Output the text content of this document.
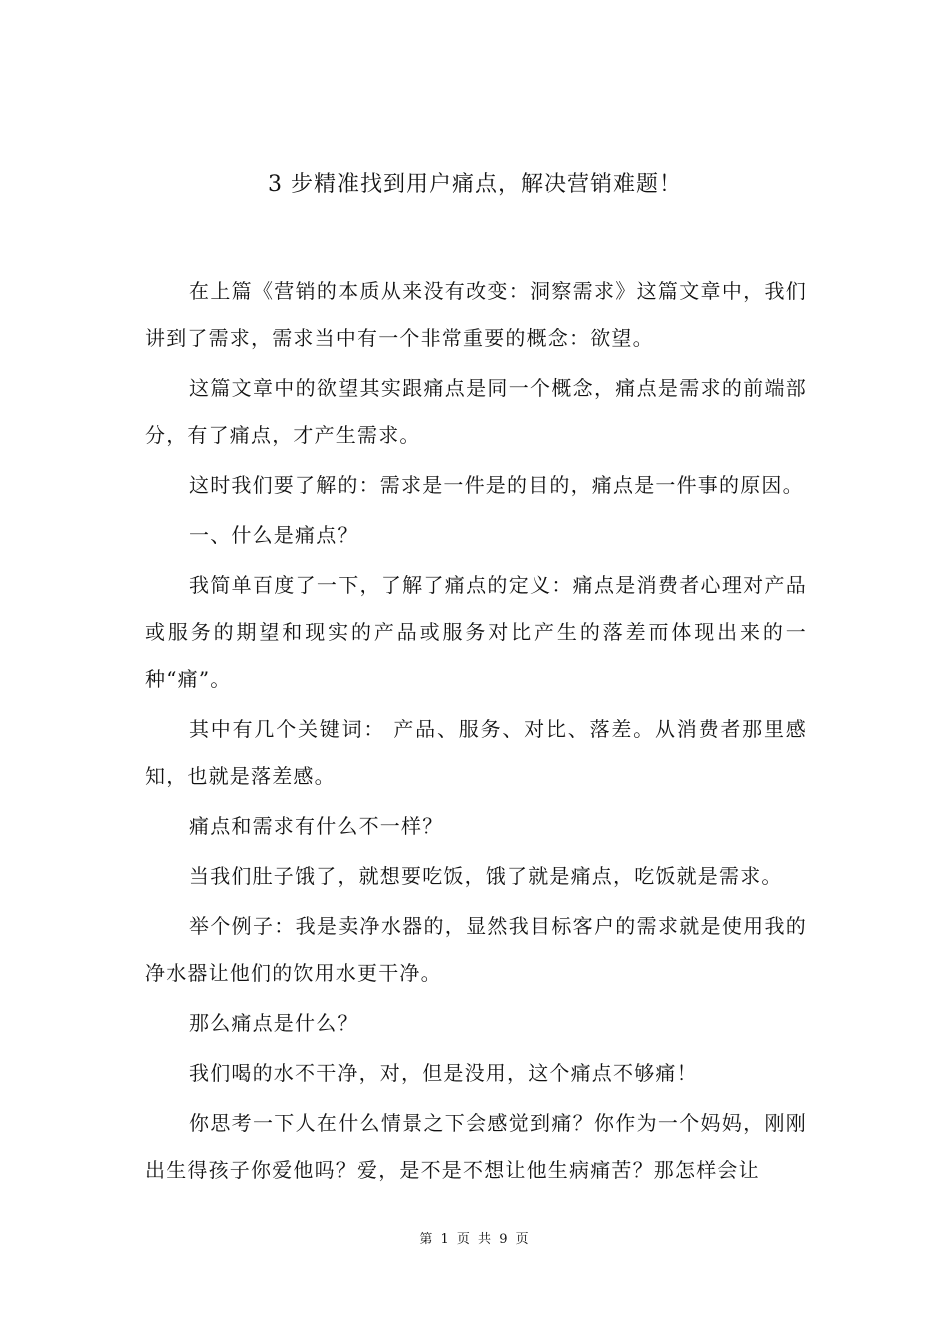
3 步精准找到用户痛点，解决营销难题！

在上篇《营销的本质从来没有改变：洞察需求》这篇文章中，我们讲到了需求，需求当中有一个非常重要的概念：欲望。

这篇文章中的欲望其实跟痛点是同一个概念，痛点是需求的前端部分，有了痛点，才产生需求。

这时我们要了解的：需求是一件是的目的，痛点是一件事的原因。

一、什么是痛点？

我简单百度了一下，了解了痛点的定义：痛点是消费者心理对产品或服务的期望和现实的产品或服务对比产生的落差而体现出来的一种“痛”。

其中有几个关键词： 产品、服务、对比、落差。从消费者那里感知，也就是落差感。

痛点和需求有什么不一样？

当我们肚子饿了，就想要吃饭，饿了就是痛点，吃饭就是需求。

举个例子：我是卖净水器的，显然我目标客户的需求就是使用我的净水器让他们的饮用水更干净。

那么痛点是什么？

我们喝的水不干净，对，但是没用，这个痛点不够痛！

你思考一下人在什么情景之下会感觉到痛？你作为一个妈妈，刚刚出生得孩子你爱他吗？爱，是不是不想让他生病痛苦？那怎样会让

第 1 页 共 9 页
